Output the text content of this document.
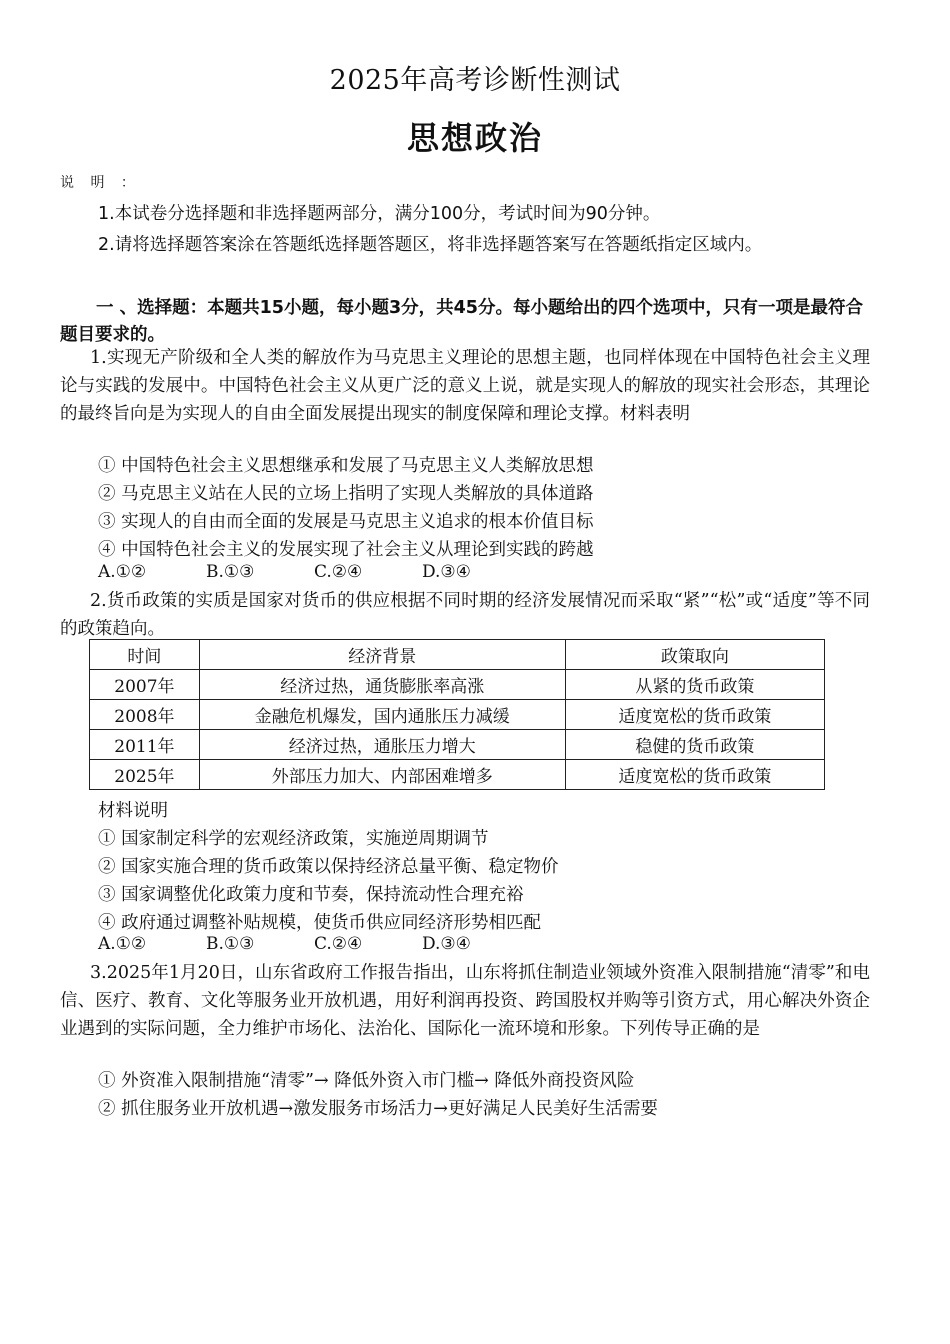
2025年高考诊断性测试
思想政治
说 明 ：
1.本试卷分选择题和非选择题两部分，满分100分，考试时间为90分钟。
2.请将选择题答案涂在答题纸选择题答题区，将非选择题答案写在答题纸指定区域内。
一 、选择题：本题共15小题，每小题3分，共45分。每小题给出的四个选项中，只有一项是最符合题目要求的。
1.实现无产阶级和全人类的解放作为马克思主义理论的思想主题，也同样体现在中国特色社会主义理论与实践的发展中。中国特色社会主义从更广泛的意义上说，就是实现人的解放的现实社会形态，其理论的最终旨向是为实现人的自由全面发展提出现实的制度保障和理论支撑。材料表明
① 中国特色社会主义思想继承和发展了马克思主义人类解放思想
② 马克思主义站在人民的立场上指明了实现人类解放的具体道路
③ 实现人的自由而全面的发展是马克思主义追求的根本价值目标
④ 中国特色社会主义的发展实现了社会主义从理论到实践的跨越
A.①②	B.①③	C.②④	D.③④
2.货币政策的实质是国家对货币的供应根据不同时期的经济发展情况而采取“紧”“松”或“适度”等不同的政策趋向。
时间	经济背景	政策取向
2007年	经济过热，通货膨胀率高涨	从紧的货币政策
2008年	金融危机爆发，国内通胀压力减缓	适度宽松的货币政策
2011年	经济过热，通胀压力增大	稳健的货币政策
2025年	外部压力加大、内部困难增多	适度宽松的货币政策
材料说明
① 国家制定科学的宏观经济政策，实施逆周期调节
② 国家实施合理的货币政策以保持经济总量平衡、稳定物价
③ 国家调整优化政策力度和节奏，保持流动性合理充裕
④ 政府通过调整补贴规模，使货币供应同经济形势相匹配
A.①②	B.①③	C.②④	D.③④
3.2025年1月20日，山东省政府工作报告指出，山东将抓住制造业领域外资准入限制措施“清零”和电信、医疗、教育、文化等服务业开放机遇，用好利润再投资、跨国股权并购等引资方式，用心解决外资企业遇到的实际问题，全力维护市场化、法治化、国际化一流环境和形象。下列传导正确的是
① 外资准入限制措施“清零”→ 降低外资入市门槛→ 降低外商投资风险
② 抓住服务业开放机遇→激发服务市场活力→更好满足人民美好生活需要
